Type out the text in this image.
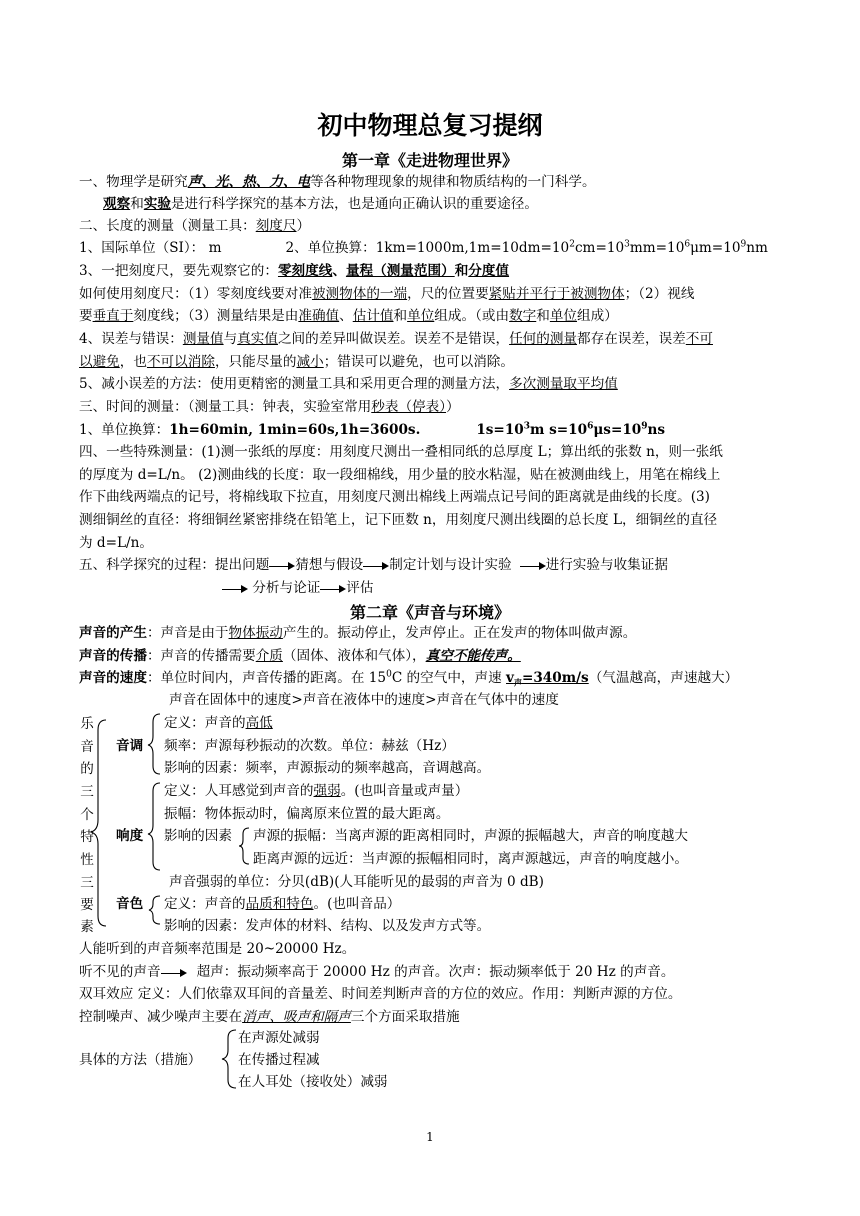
初中物理总复习提纲
第一章《走进物理世界》
一、物理学是研究声、光、热、力、电等各种物理现象的规律和物质结构的一门科学。
观察和实验是进行科学探究的基本方法，也是通向正确认识的重要途径。
二、长度的测量（测量工具：刻度尺）
1、国际单位（SI）： m	2、单位换算：$1km=1000m,1m=10dm=10^2cm=10^3mm=10^6\mu m=10^9nm$
3、一把刻度尺，要先观察它的：零刻度线、量程（测量范围）和分度值
如何使用刻度尺：（1）零刻度线要对准被测物体的一端，尺的位置要紧贴并平行于被测物体；（2）视线
要垂直于刻度线；（3）测量结果是由准确值、估计值和单位组成。（或由数字和单位组成）
4、误差与错误：测量值与真实值之间的差异叫做误差。误差不是错误，任何的测量都存在误差，误差不可
以避免，也不可以消除，只能尽量的减小；错误可以避免，也可以消除。
5、减小误差的方法：使用更精密的测量工具和采用更合理的测量方法，多次测量取平均值
三、时间的测量：（测量工具：钟表，实验室常用秒表（停表））
1、单位换算：1h=60min, 1min=60s,1h=3600s.	$1s=10^3m$ $s=10^6\mu s=10^9ns$
四、一些特殊测量：(1)测一张纸的厚度：用刻度尺测出一叠相同纸的总厚度 L；算出纸的张数 n，则一张纸
的厚度为 d=L/n。 (2)测曲线的长度：取一段细棉线，用少量的胶水粘湿，贴在被测曲线上，用笔在棉线上
作下曲线两端点的记号，将棉线取下拉直，用刻度尺测出棉线上两端点记号间的距离就是曲线的长度。(3)
测细铜丝的直径：将细铜丝紧密排绕在铅笔上，记下匝数 n，用刻度尺测出线圈的总长度 L，细铜丝的直径
为 d=L/n。
五、科学探究的过程：提出问题 猜想与假设 制定计划与设计实验	进行实验与收集证据
分析与论证 评估
第二章《声音与环境》
声音的产生：声音是由于物体振动产生的。振动停止，发声停止。正在发声的物体叫做声源。
声音的传播：声音的传播需要介质（固体、液体和气体），真空不能传声。
声音的速度：单位时间内，声音传播的距离。在 $15^0C$ 的空气中，声速 $v_声=340m/s$（气温越高，声速越大）
声音在固体中的速度>声音在液体中的速度>声音在气体中的速度
乐
音
的
三
个
特
性
三
要
素
音调
定义：声音的高低
频率：声源每秒振动的次数。单位：赫兹（Hz）
影响的因素：频率，声源振动的频率越高，音调越高。
响度
定义：人耳感觉到声音的强弱。(也叫音量或声量）
振幅：物体振动时，偏离原来位置的最大距离。
影响的因素	声源的振幅：当离声源的距离相同时，声源的振幅越大，声音的响度越大
距离声源的远近：当声源的振幅相同时，离声源越远，声音的响度越小。
声音强弱的单位：分贝(dB)(人耳能听见的最弱的声音为 0 dB)
音色	定义：声音的品质和特色。(也叫音品）
影响的因素：发声体的材料、结构、以及发声方式等。
人能听到的声音频率范围是 20~20000 Hz。
听不见的声音	超声：振动频率高于 20000 Hz 的声音。次声：振动频率低于 20 Hz 的声音。
双耳效应 定义：人们依靠双耳间的音量差、时间差判断声音的方位的效应。作用：判断声源的方位。
控制噪声、减少噪声主要在消声、吸声和隔声三个方面采取措施
具体的方法（措施）
在声源处减弱
在传播过程减
在人耳处（接收处）减弱
1
